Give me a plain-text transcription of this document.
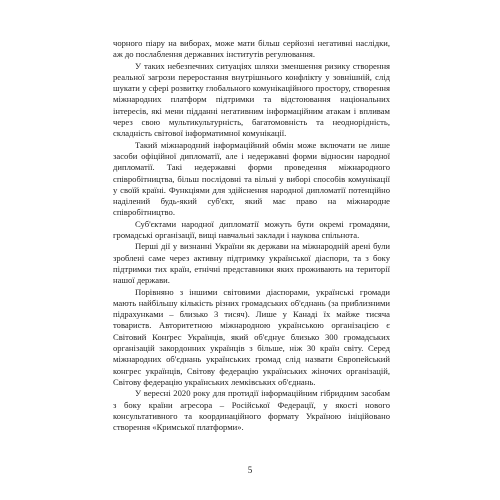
чорного піару на виборах, може мати більш серйозні негативні наслідки, аж до послаблення державних інститутів регулювання.

У таких небезпечних ситуаціях шляхи зменшення ризику створення реальної загрози переростання внутрішнього конфлікту у зовнішній, слід шукати у сфері розвитку глобального комунікаційного простору, створення міжнародних платформ підтримки та відстоювання національних інтересів, які мени підданні негативним інформаційним атакам і впливам через свою мультикультурність, багатомовність та неоднорідність, складність світової інформатимної комунікації.

Такий міжнародний інформаційний обмін може включати не лише засоби офіційної дипломатії, але і недержавні форми відносин народної дипломатії. Такі недержавні форми проведення міжнародного співробітництва, більш послідовні та вільні у виборі способів комунікації у своїй країні. Функціями для здійснення народної дипломатії потенційно наділений будь-який суб'єкт, який має право на міжнародне співробітництво.

Суб'єктами народної дипломатії можуть бути окремі громадяни, громадські організації, вищі навчальні заклади і наукова спільнота.

Перші дії у визнанні України як держави на міжнародній арені були зроблені саме через активну підтримку української діаспори, та з боку підтримки тих країн, етнічні представники яких проживають на території нашої держави.

Порівняно з іншими світовими діаспорами, українські громади мають найбільшу кількість різних громадських об'єднань (за приблизними підрахунками – близько 3 тисяч). Лише у Канаді їх майже тисяча товариств. Авторитетною міжнародною українською організацією є Світовий Конґрес Українців, який об'єднує близько 300 громадських організацій закордонних українців з більше, ніж 30 країн світу. Серед міжнародних об'єднань українських громад слід назвати Європейський конгрес українців, Світову федерацію українських жіночих організацій, Світову федерацію українських лемківських об'єднань.

У вересні 2020 року для протидії інформаційним гібридним засобам з боку країни агресора – Російської Федерації, у якості нового консультативного та координаційного формату Україною ініційовано створення «Кримської платформи».

5
